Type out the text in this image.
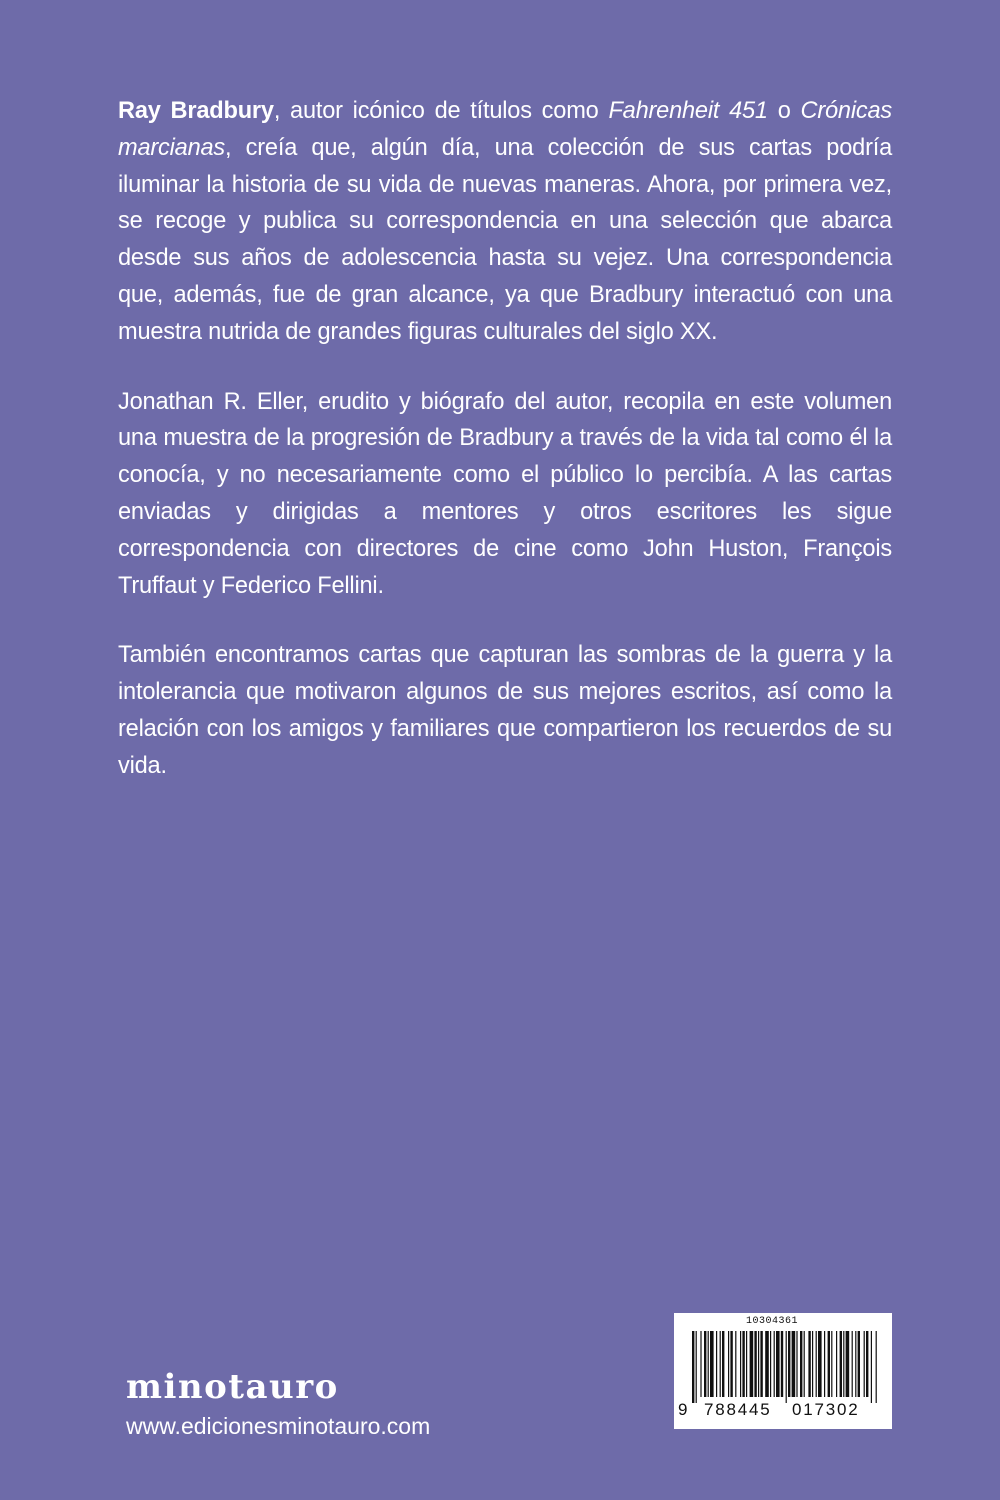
Ray Bradbury, autor icónico de títulos como Fahrenheit 451 o Crónicas marcianas, creía que, algún día, una colección de sus cartas podría iluminar la historia de su vida de nuevas maneras. Ahora, por primera vez, se recoge y publica su correspondencia en una selección que abarca desde sus años de adolescencia hasta su vejez. Una correspondencia que, además, fue de gran alcance, ya que Bradbury interactuó con una muestra nutrida de grandes figuras culturales del siglo XX.

Jonathan R. Eller, erudito y biógrafo del autor, recopila en este volumen una muestra de la progresión de Bradbury a través de la vida tal como él la conocía, y no necesariamente como el público lo percibía. A las cartas enviadas y dirigidas a mentores y otros escritores les sigue correspondencia con directores de cine como John Huston, François Truffaut y Federico Fellini.

También encontramos cartas que capturan las sombras de la guerra y la intolerancia que motivaron algunos de sus mejores escritos, así como la relación con los amigos y familiares que compartieron los recuerdos de su vida.

minotauro
www.edicionesminotauro.com
10304361
9 788445 017302
